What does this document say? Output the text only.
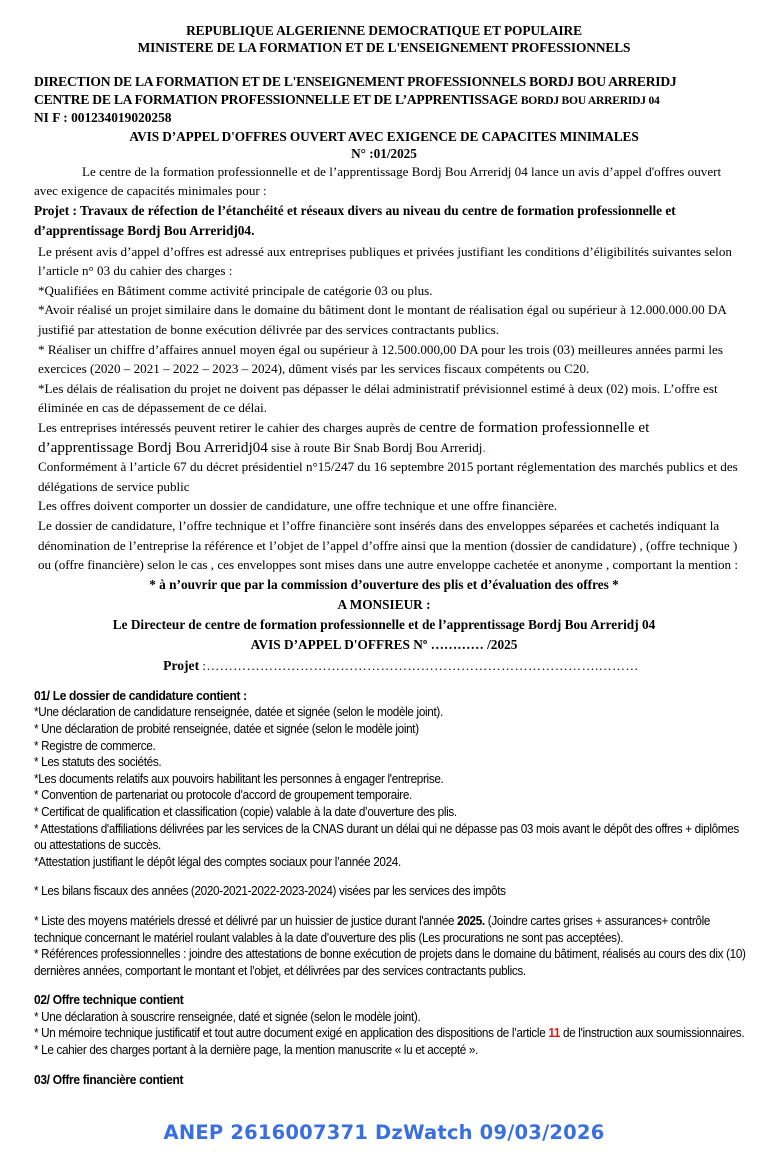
REPUBLIQUE ALGERIENNE DEMOCRATIQUE ET POPULAIRE
MINISTERE DE LA FORMATION ET DE L'ENSEIGNEMENT PROFESSIONNELS
DIRECTION DE LA FORMATION ET DE L'ENSEIGNEMENT PROFESSIONNELS BORDJ BOU ARRERIDJ
CENTRE DE LA FORMATION PROFESSIONNELLE ET DE L’APPRENTISSAGE BORDJ BOU ARRERIDJ 04
NI F : 001234019020258
AVIS D’APPEL D'OFFRES OUVERT AVEC EXIGENCE DE CAPACITES MINIMALES
N° :01/2025

Le centre de la formation professionnelle et de l’apprentissage Bordj Bou Arreridj 04 lance un avis d’appel d'offres ouvert avec exigence de capacités minimales pour :

Projet : Travaux de réfection de l’étanchéité et réseaux divers au niveau du centre de formation professionnelle et d’apprentissage Bordj Bou Arreridj04.

Le présent avis d’appel d’offres est adressé aux entreprises publiques et privées justifiant les conditions d’éligibilités suivantes selon l’article n° 03 du cahier des charges :

*Qualifiées en Bâtiment comme activité principale de catégorie 03 ou plus.

*Avoir réalisé un projet similaire dans le domaine du bâtiment dont le montant de réalisation égal ou supérieur à 12.000.000.00 DA justifié par attestation de bonne exécution délivrée par des services contractants publics.

* Réaliser un chiffre d’affaires annuel moyen égal ou supérieur à 12.500.000,00 DA pour les trois (03) meilleures années parmi les exercices (2020 – 2021 – 2022 – 2023 – 2024), dûment visés par les services fiscaux compétents ou C20.

*Les délais de réalisation du projet ne doivent pas dépasser le délai administratif prévisionnel estimé à deux (02) mois. L’offre est éliminée en cas de dépassement de ce délai.

Les entreprises intéressés peuvent retirer le cahier des charges auprès de centre de formation professionnelle et d’apprentissage Bordj Bou Arreridj04 sise à route Bir Snab Bordj Bou Arreridj.

Conformément à l’article 67 du décret présidentiel n°15/247 du 16 septembre 2015 portant réglementation des marchés publics et des délégations de service public

Les offres doivent comporter un dossier de candidature, une offre technique et une offre financière.

Le dossier de candidature, l’offre technique et l’offre financière sont insérés dans des enveloppes séparées et cachetés indiquant la dénomination de l’entreprise la référence et l’objet de l’appel d’offre ainsi que la mention (dossier de candidature) , (offre technique ) ou (offre financière) selon le cas , ces enveloppes sont mises dans une autre enveloppe cachetée et anonyme , comportant la mention :

* à n’ouvrir que par la commission d’ouverture des plis et d’évaluation des offres *
A MONSIEUR :
Le Directeur de centre de formation professionnelle et de l’apprentissage Bordj Bou Arreridj 04
AVIS D’APPEL D'OFFRES Nº ………… /2025
Projet :…………………………………………………………………………….………

01/ Le dossier de candidature contient :

*Une déclaration de candidature renseignée, datée et signée (selon le modèle joint).

* Une déclaration de probité renseignée, datée et signée (selon le modèle joint)

* Registre de commerce.

* Les statuts des sociétés.

*Les documents relatifs aux pouvoirs habilitant les personnes à engager l'entreprise.

* Convention de partenariat ou protocole d’accord de groupement temporaire.

* Certificat de qualification et classification (copie) valable à la date d’ouverture des plis.

* Attestations d'affiliations délivrées par les services de la CNAS durant un délai qui ne dépasse pas 03 mois avant le dépôt des offres + diplômes ou attestations de succès.

*Attestation justifiant le dépôt légal des comptes sociaux pour l’année 2024.

* Les bilans fiscaux des années (2020-2021-2022-2023-2024) visées par les services des impôts

* Liste des moyens matériels dressé et délivré par un huissier de justice durant l'année 2025. (Joindre cartes grises + assurances+ contrôle technique concernant le matériel roulant valables à la date d’ouverture des plis (Les procurations ne sont pas acceptées).

* Références professionnelles : joindre des attestations de bonne exécution de projets dans le domaine du bâtiment, réalisés au cours des dix (10) dernières années, comportant le montant et l’objet, et délivrées par des services contractants publics.

02/ Offre technique contient

* Une déclaration à souscrire renseignée, daté et signée (selon le modèle joint).

* Un mémoire technique justificatif et tout autre document exigé en application des dispositions de l’article 11 de l'instruction aux soumissionnaires.

* Le cahier des charges portant à la dernière page, la mention manuscrite « lu et accepté ».

03/ Offre financière contient

ANEP 2616007371 DzWatch 09/03/2026
